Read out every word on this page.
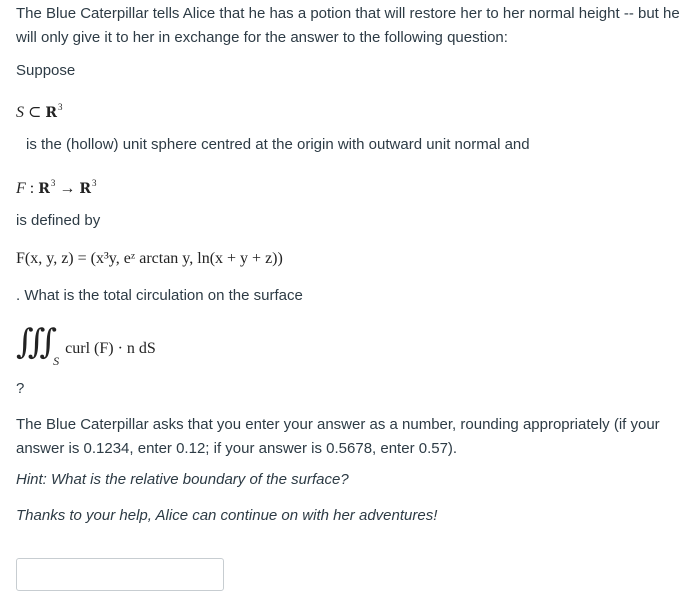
The Blue Caterpillar tells Alice that he has a potion that will restore her to her normal height -- but he will only give it to her in exchange for the answer to the following question:
Suppose
S ⊂ $R^3$
is the (hollow) unit sphere centred at the origin with outward unit normal and
F : $R^3 \to R^3$
is defined by
F(x, y, z) = (x³y, eᶻ arctan y, ln(x + y + z))
. What is the total circulation on the surface
∫∫∫ $_S$ curl (F) · n dS
?
The Blue Caterpillar asks that you enter your answer as a number, rounding appropriately (if your answer is 0.1234, enter 0.12; if your answer is 0.5678, enter 0.57).
Hint: What is the relative boundary of the surface?
Thanks to your help, Alice can continue on with her adventures!
